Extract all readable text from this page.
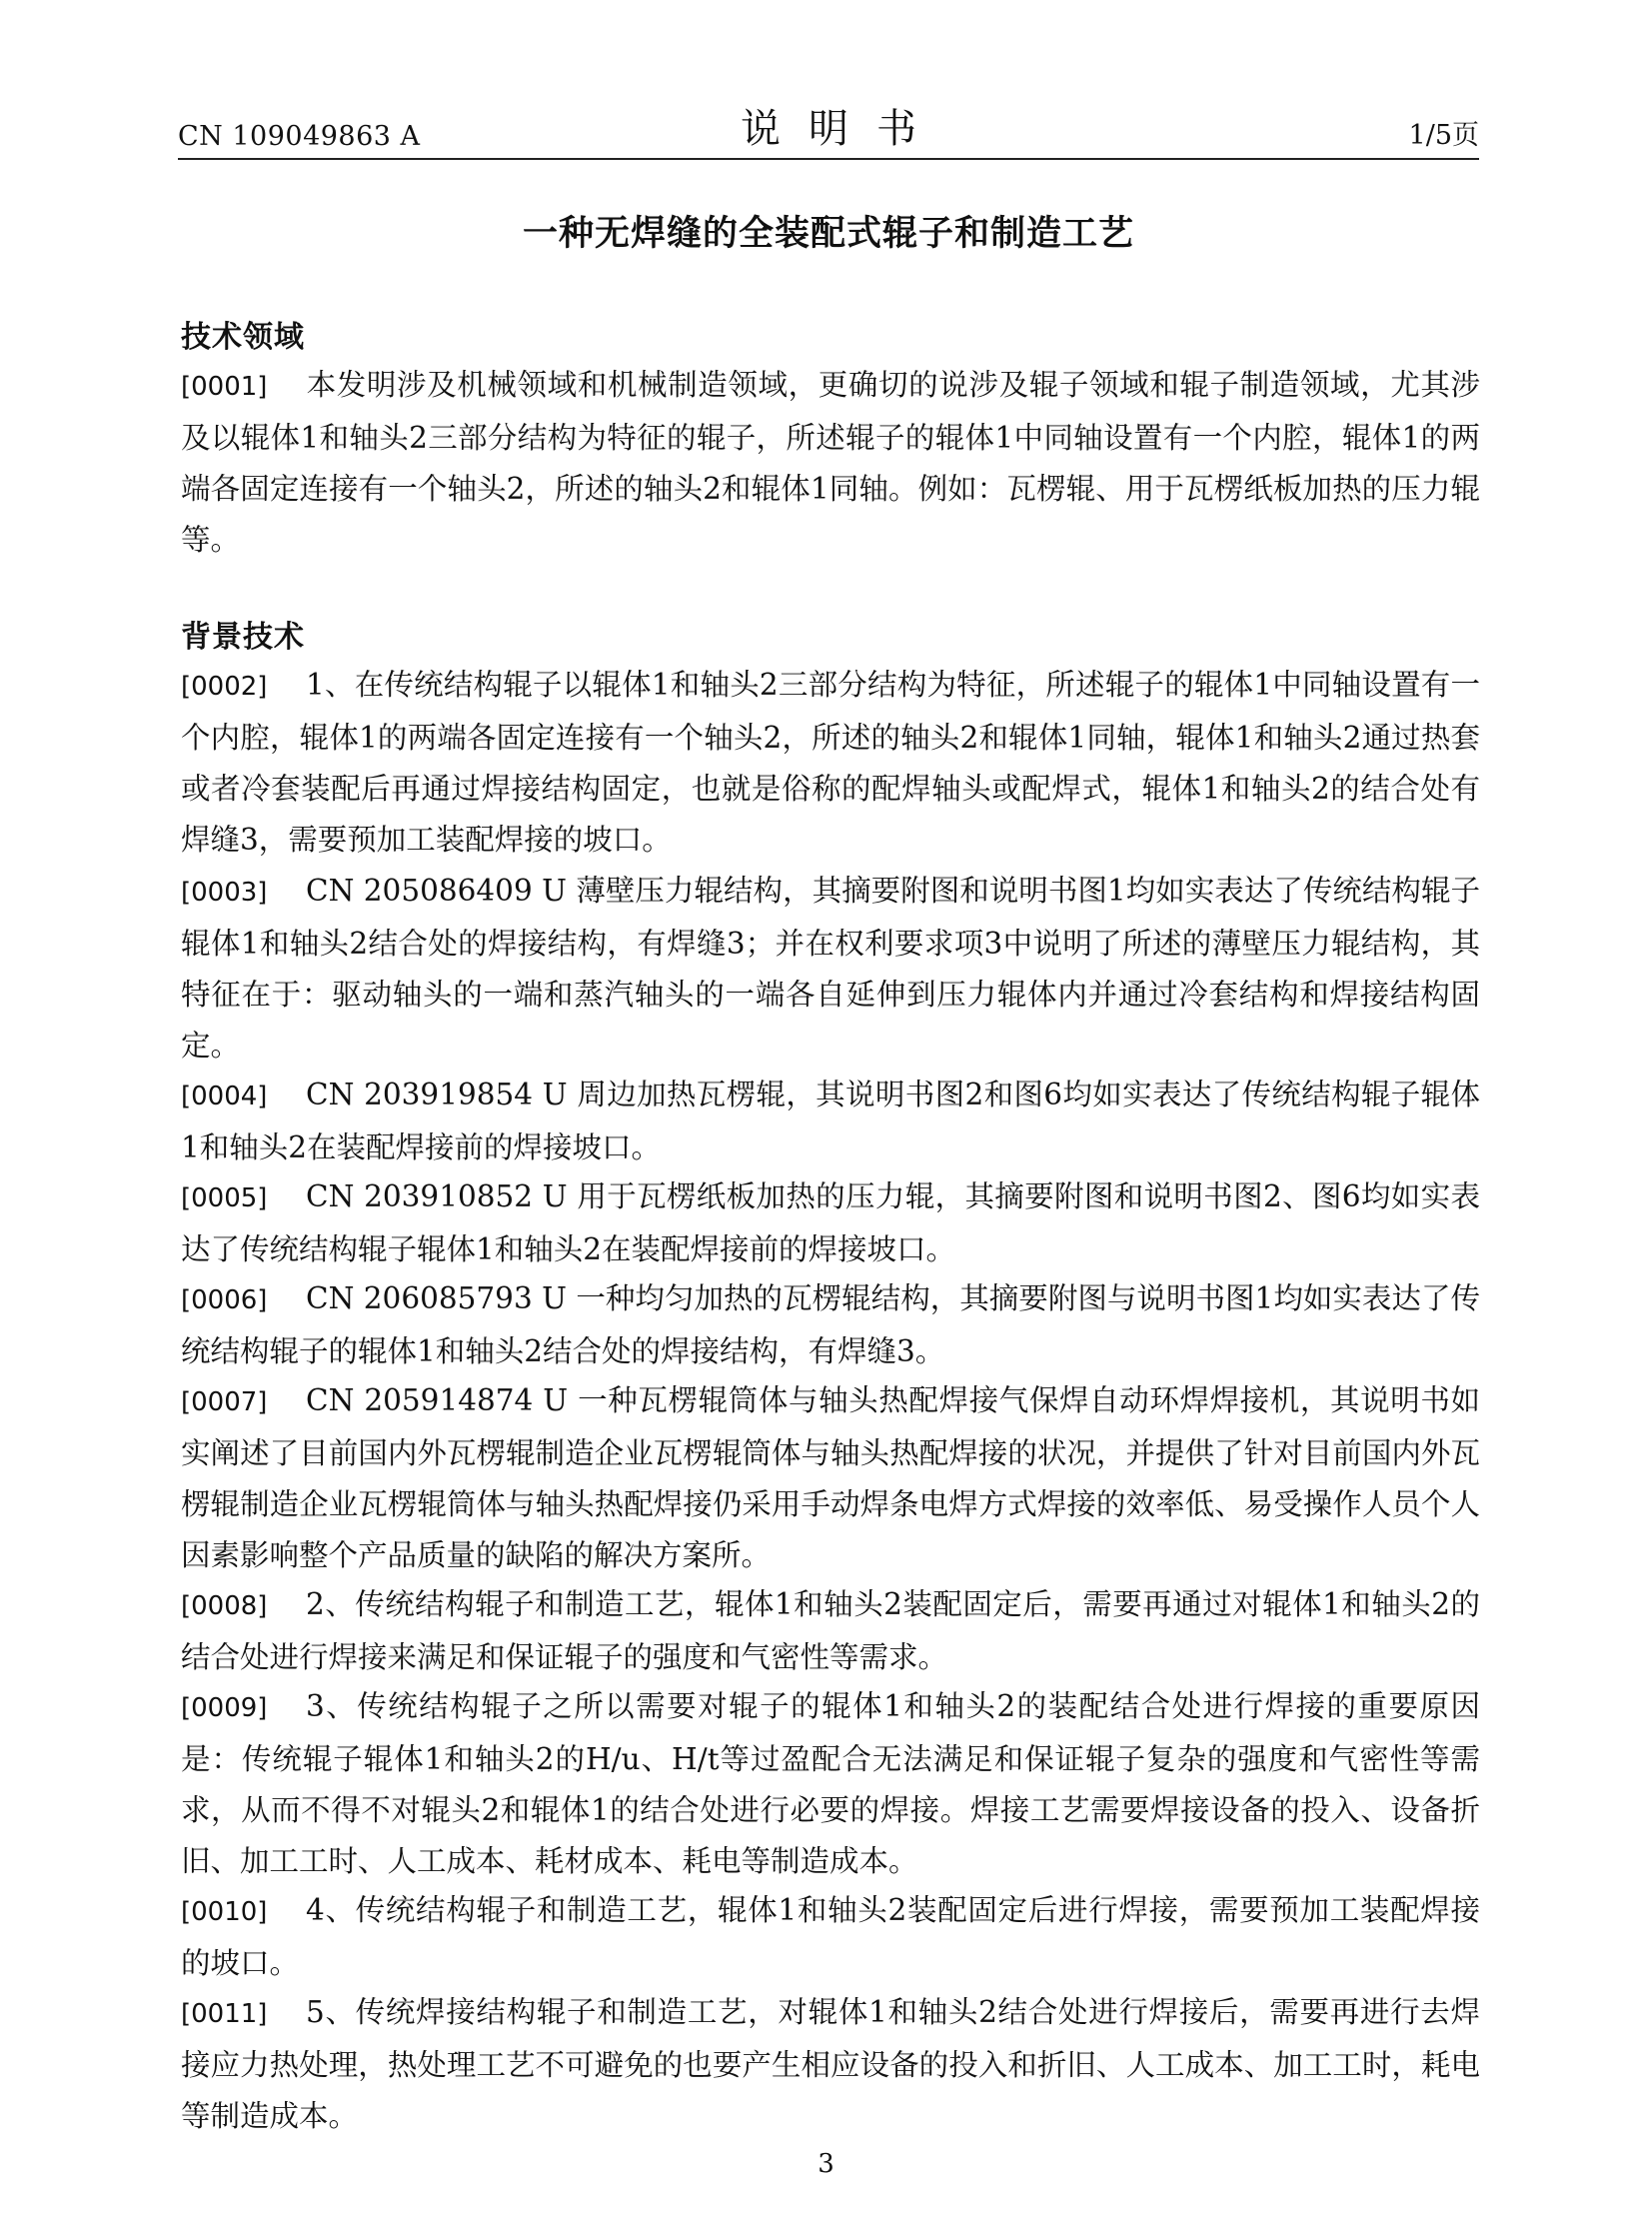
CN 109049863 A	说明书	1/5页
一种无焊缝的全装配式辊子和制造工艺
技术领域

[0001] 本发明涉及机械领域和机械制造领域，更确切的说涉及辊子领域和辊子制造领域，尤其涉及以辊体1和轴头2三部分结构为特征的辊子，所述辊子的辊体1中同轴设置有一个内腔，辊体1的两端各固定连接有一个轴头2，所述的轴头2和辊体1同轴。例如：瓦楞辊、用于瓦楞纸板加热的压力辊等。

背景技术

[0002] 1、在传统结构辊子以辊体1和轴头2三部分结构为特征，所述辊子的辊体1中同轴设置有一个内腔，辊体1的两端各固定连接有一个轴头2，所述的轴头2和辊体1同轴，辊体1和轴头2通过热套或者冷套装配后再通过焊接结构固定，也就是俗称的配焊轴头或配焊式，辊体1和轴头2的结合处有焊缝3，需要预加工装配焊接的坡口。

[0003] CN 205086409 U 薄壁压力辊结构，其摘要附图和说明书图1均如实表达了传统结构辊子辊体1和轴头2结合处的焊接结构，有焊缝3；并在权利要求项3中说明了所述的薄壁压力辊结构，其特征在于：驱动轴头的一端和蒸汽轴头的一端各自延伸到压力辊体内并通过冷套结构和焊接结构固定。

[0004] CN 203919854 U 周边加热瓦楞辊，其说明书图2和图6均如实表达了传统结构辊子辊体1和轴头2在装配焊接前的焊接坡口。

[0005] CN 203910852 U 用于瓦楞纸板加热的压力辊，其摘要附图和说明书图2、图6均如实表达了传统结构辊子辊体1和轴头2在装配焊接前的焊接坡口。

[0006] CN 206085793 U 一种均匀加热的瓦楞辊结构，其摘要附图与说明书图1均如实表达了传统结构辊子的辊体1和轴头2结合处的焊接结构，有焊缝3。

[0007] CN 205914874 U 一种瓦楞辊筒体与轴头热配焊接气保焊自动环焊焊接机，其说明书如实阐述了目前国内外瓦楞辊制造企业瓦楞辊筒体与轴头热配焊接的状况，并提供了针对目前国内外瓦楞辊制造企业瓦楞辊筒体与轴头热配焊接仍采用手动焊条电焊方式焊接的效率低、易受操作人员个人因素影响整个产品质量的缺陷的解决方案所。

[0008] 2、传统结构辊子和制造工艺，辊体1和轴头2装配固定后，需要再通过对辊体1和轴头2的结合处进行焊接来满足和保证辊子的强度和气密性等需求。

[0009] 3、传统结构辊子之所以需要对辊子的辊体1和轴头2的装配结合处进行焊接的重要原因是：传统辊子辊体1和轴头2的H/u、H/t等过盈配合无法满足和保证辊子复杂的强度和气密性等需求，从而不得不对辊头2和辊体1的结合处进行必要的焊接。焊接工艺需要焊接设备的投入、设备折旧、加工工时、人工成本、耗材成本、耗电等制造成本。

[0010] 4、传统结构辊子和制造工艺，辊体1和轴头2装配固定后进行焊接，需要预加工装配焊接的坡口。

[0011] 5、传统焊接结构辊子和制造工艺，对辊体1和轴头2结合处进行焊接后，需要再进行去焊接应力热处理，热处理工艺不可避免的也要产生相应设备的投入和折旧、人工成本、加工工时，耗电等制造成本。

3
